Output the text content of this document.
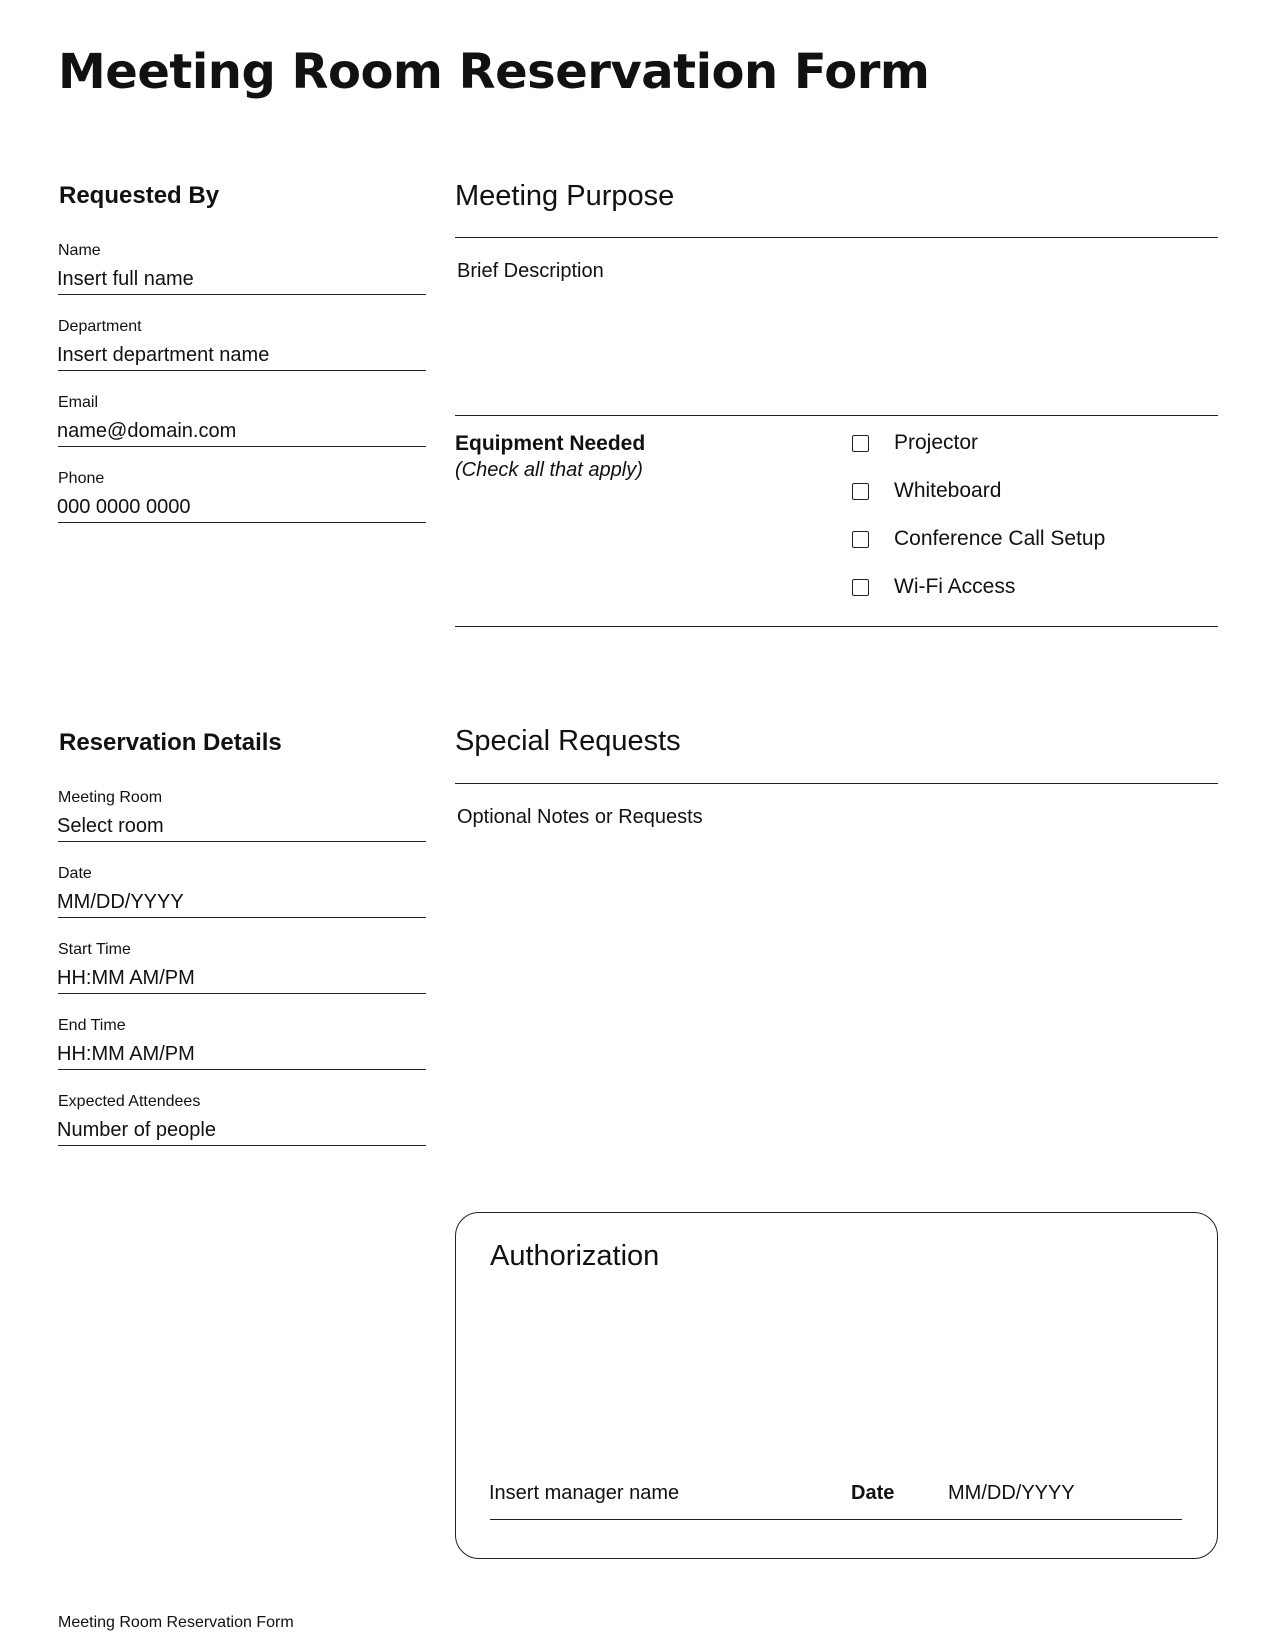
Meeting Room Reservation Form
Requested By
Name
Insert full name
Department
Insert department name
Email
name@domain.com
Phone
000 0000 0000
Meeting Purpose
Brief Description
Equipment Needed
(Check all that apply)
Projector
Whiteboard
Conference Call Setup
Wi-Fi Access
Reservation Details
Meeting Room
Select room
Date
MM/DD/YYYY
Start Time
HH:MM AM/PM
End Time
HH:MM AM/PM
Expected Attendees
Number of people
Special Requests
Optional Notes or Requests
Authorization
Insert manager name	Date	MM/DD/YYYY
Meeting Room Reservation Form
